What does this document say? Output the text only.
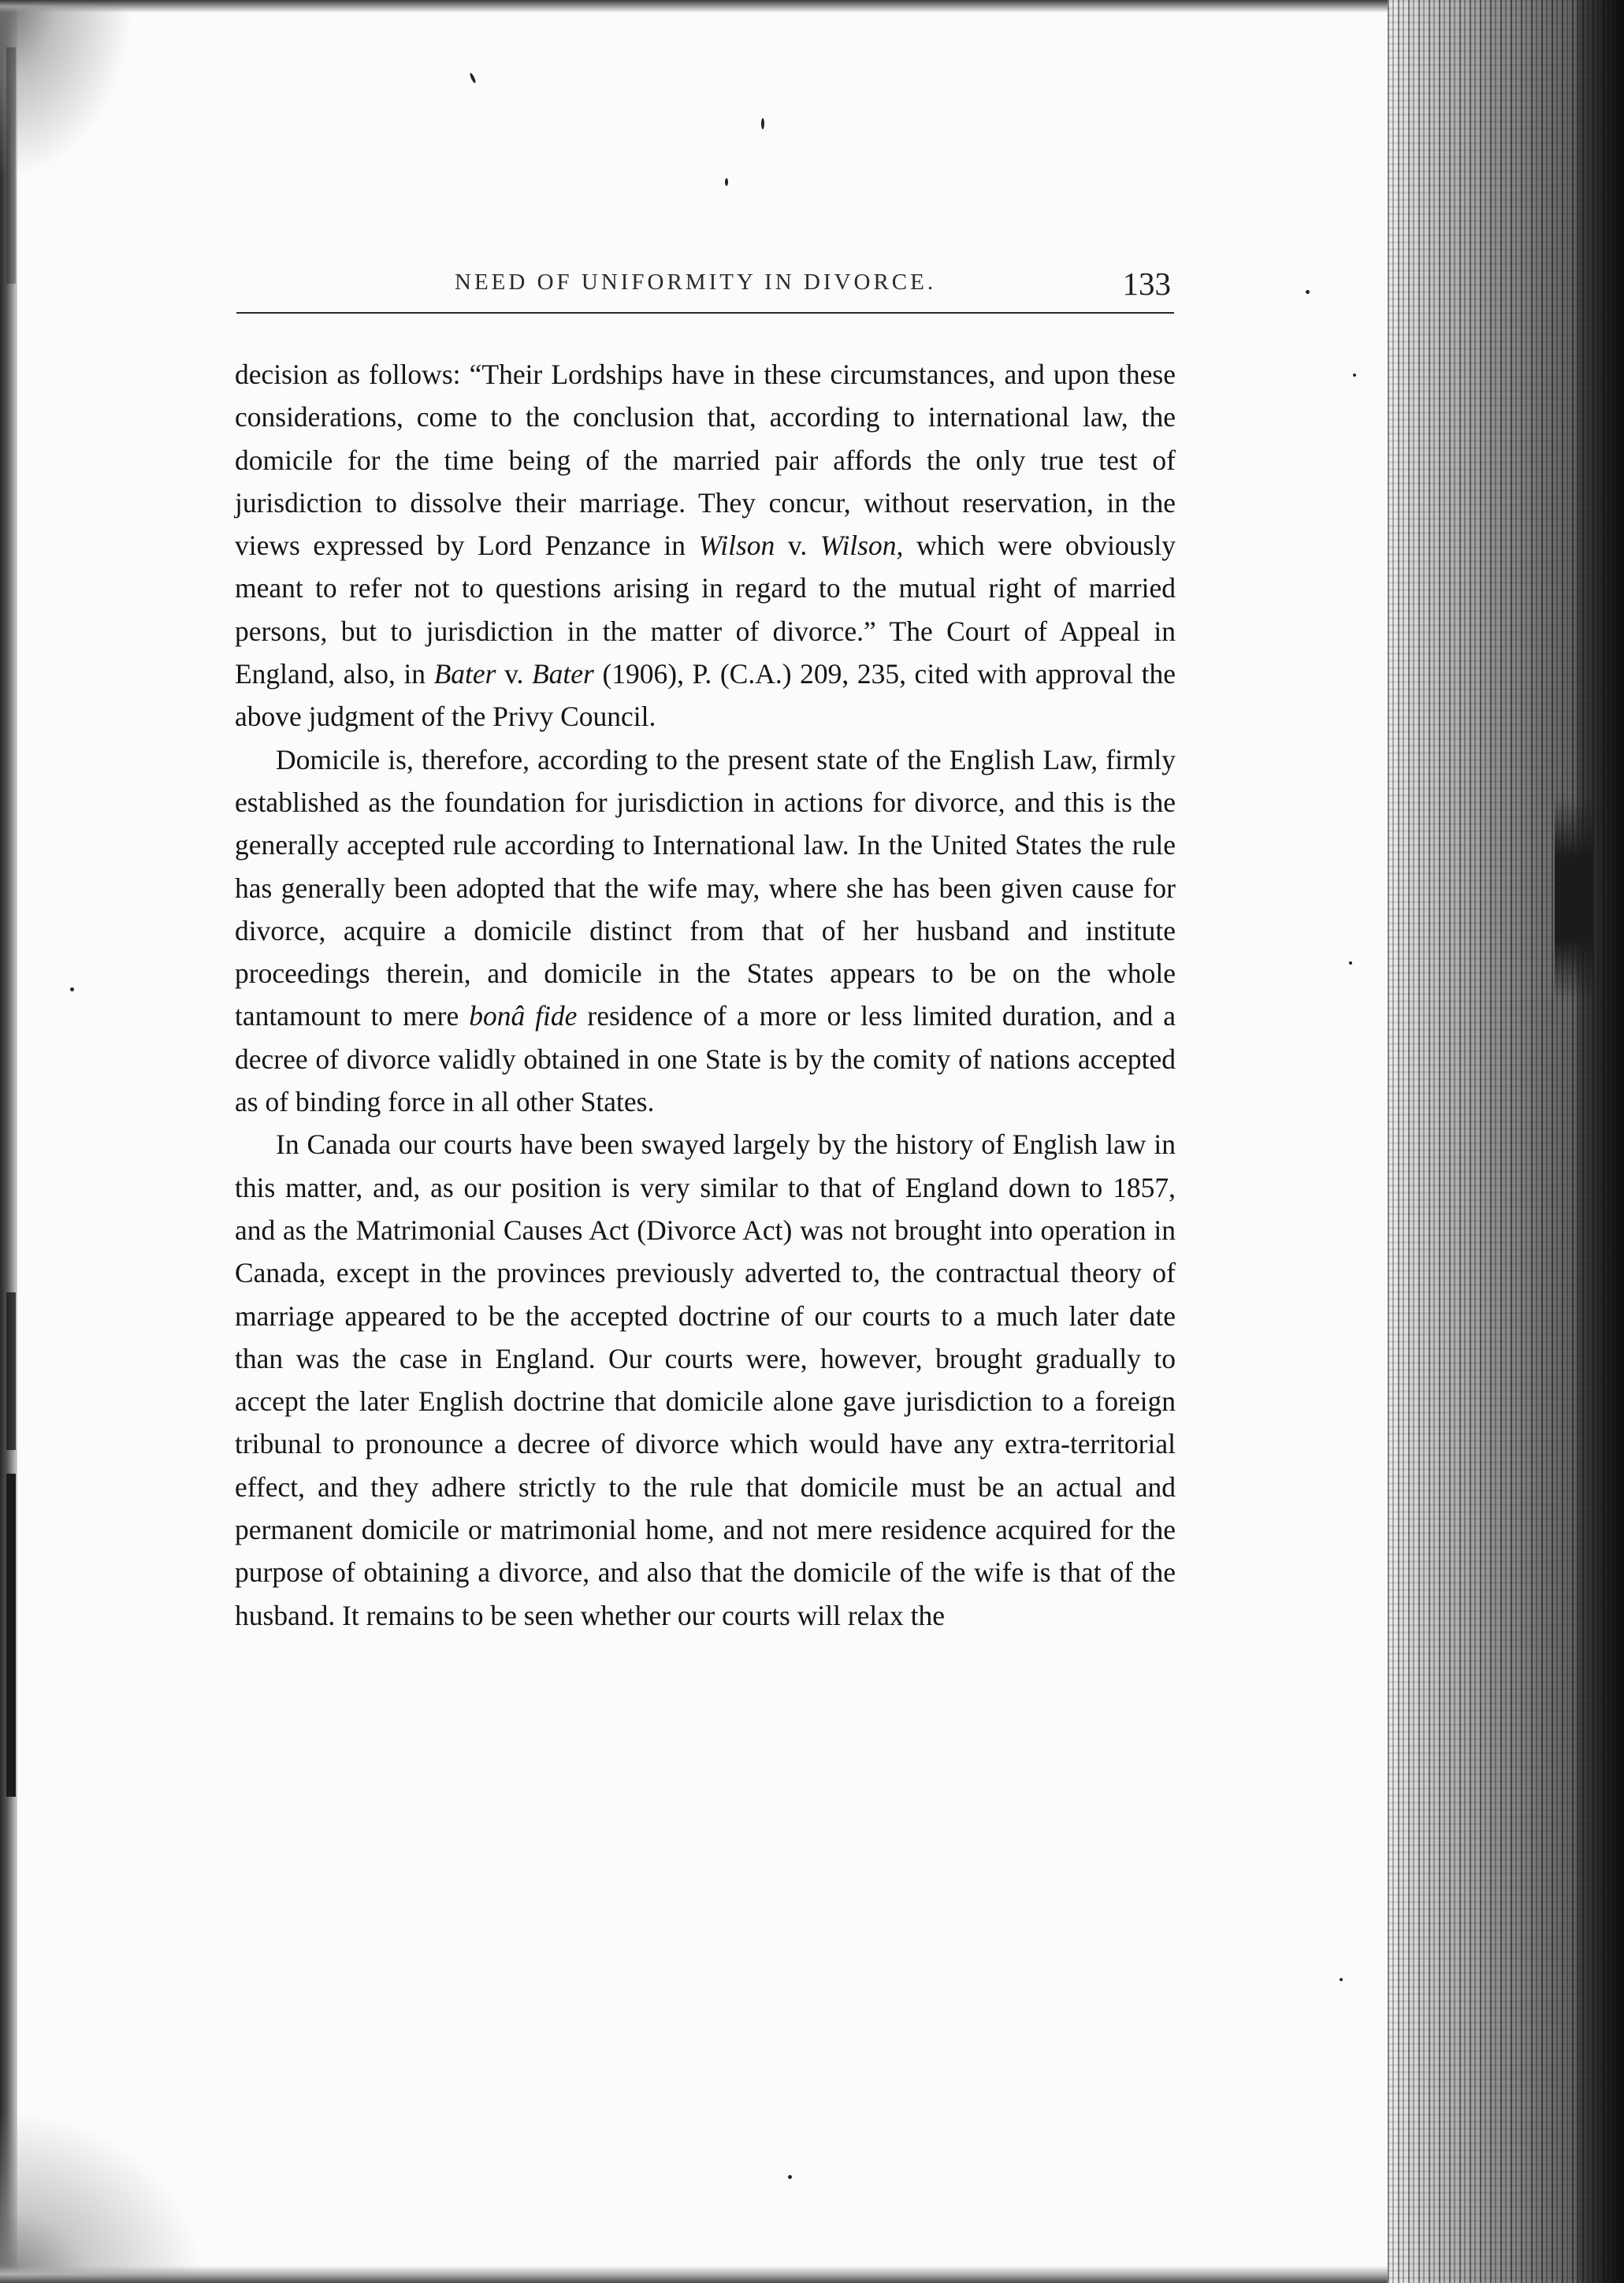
NEED OF UNIFORMITY IN DIVORCE.	133

decision as follows: “Their Lordships have in these circumstances, and upon these considerations, come to the conclusion that, according to international law, the domicile for the time being of the married pair affords the only true test of jurisdiction to dissolve their marriage. They concur, without reservation, in the views expressed by Lord Penzance in Wilson v. Wilson, which were obviously meant to refer not to questions arising in regard to the mutual right of married persons, but to jurisdiction in the matter of divorce.” The Court of Appeal in England, also, in Bater v. Bater (1906), P. (C.A.) 209, 235, cited with approval the above judgment of the Privy Council.

Domicile is, therefore, according to the present state of the English Law, firmly established as the foundation for jurisdiction in actions for divorce, and this is the generally accepted rule according to International law. In the United States the rule has generally been adopted that the wife may, where she has been given cause for divorce, acquire a domicile distinct from that of her husband and institute proceedings therein, and domicile in the States appears to be on the whole tantamount to mere bonâ fide residence of a more or less limited duration, and a decree of divorce validly obtained in one State is by the comity of nations accepted as of binding force in all other States.

In Canada our courts have been swayed largely by the history of English law in this matter, and, as our position is very similar to that of England down to 1857, and as the Matrimonial Causes Act (Divorce Act) was not brought into operation in Canada, except in the provinces previously adverted to, the contractual theory of marriage appeared to be the accepted doctrine of our courts to a much later date than was the case in England. Our courts were, however, brought gradually to accept the later English doctrine that domicile alone gave jurisdiction to a foreign tribunal to pronounce a decree of divorce which would have any extra-territorial effect, and they adhere strictly to the rule that domicile must be an actual and permanent domicile or matrimonial home, and not mere residence acquired for the purpose of obtaining a divorce, and also that the domicile of the wife is that of the husband. It remains to be seen whether our courts will relax the
